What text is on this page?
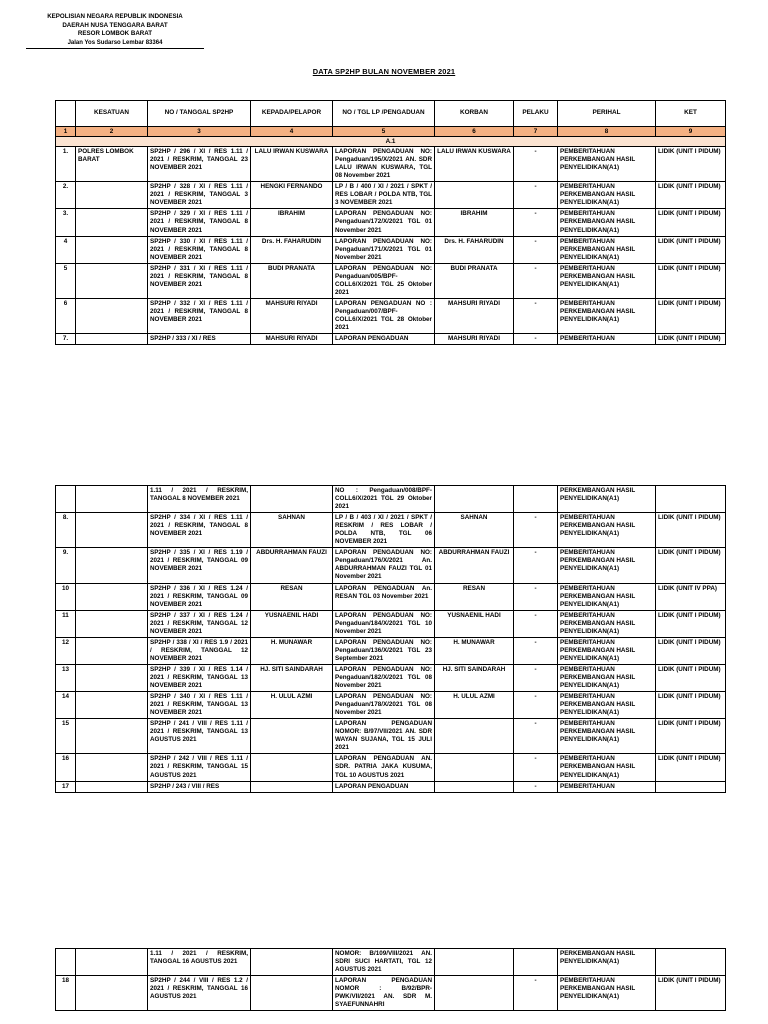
KEPOLISIAN NEGARA REPUBLIK INDONESIA
DAERAH NUSA TENGGARA BARAT
RESOR LOMBOK BARAT
Jalan Yos Sudarso Lembar 83364
DATA SP2HP BULAN NOVEMBER 2021
	KESATUAN	NO / TANGGAL SP2HP	KEPADA/PELAPOR	NO / TGL LP /PENGADUAN	KORBAN	PELAKU	PERIHAL	KET
1	2	3	4	5	6	7	8	9
A.1								
1.	POLRES LOMBOK BARAT	SP2HP / 296 / XI / RES 1.11 / 2021 / RESKRIM, TANGGAL 23 NOVEMBER 2021	LALU IRWAN KUSWARA	LAPORAN PENGADUAN NO: Pengaduan/195/X/2021 AN. SDR LALU IRWAN KUSWARA, TGL 08 November 2021	LALU IRWAN KUSWARA	-	PEMBERITAHUAN PERKEMBANGAN HASIL PENYELIDIKAN(A1)	LIDIK (UNIT I PIDUM)
2.		SP2HP / 328 / XI / RES 1.11 / 2021 / RESKRIM, TANGGAL 3 NOVEMBER 2021	HENGKI FERNANDO	LP / B / 400 / XI / 2021 / SPKT / RES LOBAR / POLDA NTB, TGL 3 NOVEMBER 2021		-	PEMBERITAHUAN PERKEMBANGAN HASIL PENYELIDIKAN(A1)	LIDIK (UNIT I PIDUM)
3.		SP2HP / 329 / XI / RES 1.11 / 2021 / RESKRIM, TANGGAL 8 NOVEMBER 2021	IBRAHIM	LAPORAN PENGADUAN NO: Pengaduan/172/X/2021 TGL 01 November 2021	IBRAHIM	-	PEMBERITAHUAN PERKEMBANGAN HASIL PENYELIDIKAN(A1)	LIDIK (UNIT I PIDUM)
4		SP2HP / 330 / XI / RES 1.11 / 2021 / RESKRIM, TANGGAL 8 NOVEMBER 2021	Drs. H. FAHARUDIN	LAPORAN PENGADUAN NO: Pengaduan/171/X/2021 TGL 01 November 2021	Drs. H. FAHARUDIN	-	PEMBERITAHUAN PERKEMBANGAN HASIL PENYELIDIKAN(A1)	LIDIK (UNIT I PIDUM)
5		SP2HP / 331 / XI / RES 1.11 / 2021 / RESKRIM, TANGGAL 8 NOVEMBER 2021	BUDI PRANATA	LAPORAN PENGADUAN NO: Pengaduan/005/BPF-COLL6/X/2021 TGL 25 Oktober 2021	BUDI PRANATA	-	PEMBERITAHUAN PERKEMBANGAN HASIL PENYELIDIKAN(A1)	LIDIK (UNIT I PIDUM)
6		SP2HP / 332 / XI / RES 1.11 / 2021 / RESKRIM, TANGGAL 8 NOVEMBER 2021	MAHSURI RIYADI	LAPORAN PENGADUAN NO : Pengaduan/007/BPF-COLL6/X/2021 TGL 28 Oktober 2021	MAHSURI RIYADI	-	PEMBERITAHUAN PERKEMBANGAN HASIL PENYELIDIKAN(A1)	LIDIK (UNIT I PIDUM)
7.		SP2HP / 333 / XI / RES	MAHSURI RIYADI	LAPORAN PENGADUAN	MAHSURI RIYADI	-	PEMBERITAHUAN	LIDIK (UNIT I PIDUM)
		1.11 / 2021 / RESKRIM, TANGGAL 8 NOVEMBER 2021		NO : Pengaduan/008/BPF-COLL6/X/2021 TGL 29 Oktober 2021			PERKEMBANGAN HASIL PENYELIDIKAN(A1)	
8.		SP2HP / 334 / XI / RES 1.11 / 2021 / RESKRIM, TANGGAL 8 NOVEMBER 2021	SAHNAN	LP / B / 403 / XI / 2021 / SPKT / RESKRIM / RES LOBAR / POLDA NTB, TGL 06 NOVEMBER 2021	SAHNAN	-	PEMBERITAHUAN PERKEMBANGAN HASIL PENYELIDIKAN(A1)	LIDIK (UNIT I PIDUM)
9.		SP2HP / 335 / XI / RES 1.19 / 2021 / RESKRIM, TANGGAL 09 NOVEMBER 2021	ABDURRAHMAN FAUZI	LAPORAN PENGADUAN NO: Pengaduan/176/X/2021 An. ABDURRAHMAN FAUZI TGL 01 November 2021	ABDURRAHMAN FAUZI	-	PEMBERITAHUAN PERKEMBANGAN HASIL PENYELIDIKAN(A1)	LIDIK (UNIT I PIDUM)
10		SP2HP / 336 / XI / RES 1.24 / 2021 / RESKRIM, TANGGAL 09 NOVEMBER 2021	RESAN	LAPORAN PENGADUAN An. RESAN TGL 03 November 2021	RESAN	-	PEMBERITAHUAN PERKEMBANGAN HASIL PENYELIDIKAN(A1)	LIDIK (UNIT IV PPA)
11		SP2HP / 337 / XI / RES 1.24 / 2021 / RESKRIM, TANGGAL 12 NOVEMBER 2021	YUSNAENIL HADI	LAPORAN PENGADUAN NO: Pengaduan/184/X/2021 TGL 10 November 2021	YUSNAENIL HADI	-	PEMBERITAHUAN PERKEMBANGAN HASIL PENYELIDIKAN(A1)	LIDIK (UNIT I PIDUM)
12		SP2HP / 338 / XI / RES 1.9 / 2021 / RESKRIM, TANGGAL 12 NOVEMBER 2021	H. MUNAWAR	LAPORAN PENGADUAN NO: Pengaduan/136/X/2021 TGL 23 September 2021	H. MUNAWAR	-	PEMBERITAHUAN PERKEMBANGAN HASIL PENYELIDIKAN(A1)	LIDIK (UNIT I PIDUM)
13		SP2HP / 339 / XI / RES 1.14 / 2021 / RESKRIM, TANGGAL 13 NOVEMBER 2021	HJ. SITI SAINDARAH	LAPORAN PENGADUAN NO: Pengaduan/182/X/2021 TGL 08 November 2021	HJ. SITI SAINDARAH	-	PEMBERITAHUAN PERKEMBANGAN HASIL PENYELIDIKAN(A1)	LIDIK (UNIT I PIDUM)
14		SP2HP / 340 / XI / RES 1.11 / 2021 / RESKRIM, TANGGAL 13 NOVEMBER 2021	H. ULUL AZMI	LAPORAN PENGADUAN NO: Pengaduan/178/X/2021 TGL 08 November 2021	H. ULUL AZMI	-	PEMBERITAHUAN PERKEMBANGAN HASIL PENYELIDIKAN(A1)	LIDIK (UNIT I PIDUM)
15		SP2HP / 241 / VIII / RES 1.11 / 2021 / RESKRIM, TANGGAL 13 AGUSTUS 2021		LAPORAN PENGADUAN NOMOR: B/97/VII/2021 AN. SDR WAYAN SUJANA, TGL 15 JULI 2021		-	PEMBERITAHUAN PERKEMBANGAN HASIL PENYELIDIKAN(A1)	LIDIK (UNIT I PIDUM)
16		SP2HP / 242 / VIII / RES 1.11 / 2021 / RESKRIM, TANGGAL 15 AGUSTUS 2021		LAPORAN PENGADUAN AN. SDR. PATRIA JAKA KUSUMA, TGL 10 AGUSTUS 2021		-	PEMBERITAHUAN PERKEMBANGAN HASIL PENYELIDIKAN(A1)	LIDIK (UNIT I PIDUM)
17		SP2HP / 243 / VIII / RES		LAPORAN PENGADUAN		-	PEMBERITAHUAN	
		1.11 / 2021 / RESKRIM, TANGGAL 16 AGUSTUS 2021		NOMOR: B/109/VIII/2021 AN. SDRI SUCI HARTATI, TGL 12 AGUSTUS 2021			PERKEMBANGAN HASIL PENYELIDIKAN(A1)	
18		SP2HP / 244 / VIII / RES 1.2 / 2021 / RESKRIM, TANGGAL 16 AGUSTUS 2021		LAPORAN PENGADUAN NOMOR : B/92/BPR-PWK/VII/2021 AN. SDR M. SYAEFUNNAHRI		-	PEMBERITAHUAN PERKEMBANGAN HASIL PENYELIDIKAN(A1)	LIDIK (UNIT I PIDUM)
